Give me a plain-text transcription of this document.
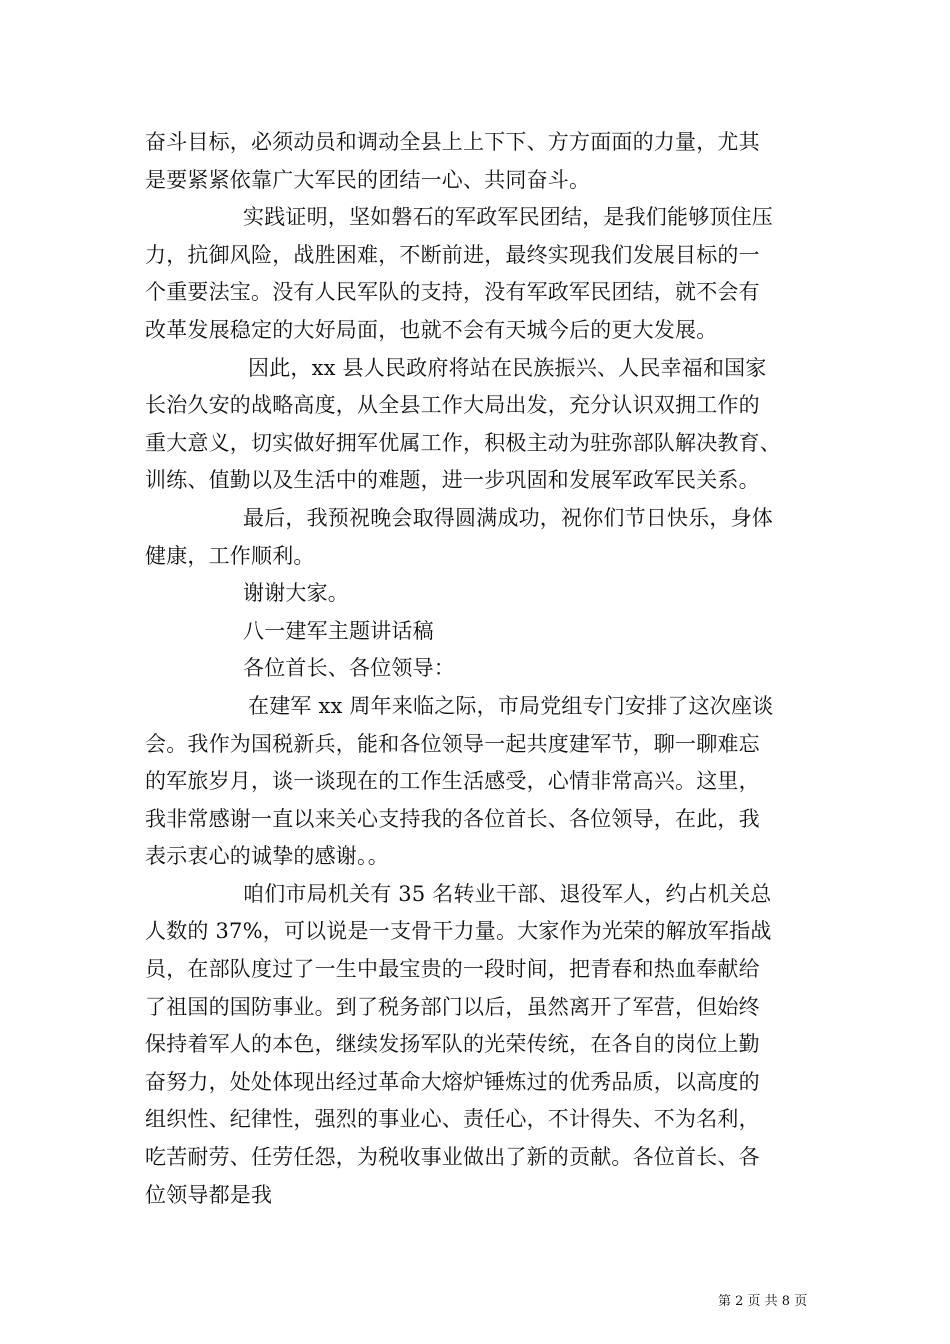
奋斗目标，必须动员和调动全县上上下下、方方面面的力量，尤其
是要紧紧依靠广大军民的团结一心、共同奋斗。
实践证明，坚如磐石的军政军民团结，是我们能够顶住压
力，抗御风险，战胜困难，不断前进，最终实现我们发展目标的一
个重要法宝。没有人民军队的支持，没有军政军民团结，就不会有
改革发展稳定的大好局面，也就不会有天城今后的更大发展。
因此，xx 县人民政府将站在民族振兴、人民幸福和国家
长治久安的战略高度，从全县工作大局出发，充分认识双拥工作的
重大意义，切实做好拥军优属工作，积极主动为驻弥部队解决教育、
训练、值勤以及生活中的难题，进一步巩固和发展军政军民关系。
最后，我预祝晚会取得圆满成功，祝你们节日快乐，身体
健康，工作顺利。
谢谢大家。
八一建军主题讲话稿
各位首长、各位领导：
在建军 xx 周年来临之际，市局党组专门安排了这次座谈
会。我作为国税新兵，能和各位领导一起共度建军节，聊一聊难忘
的军旅岁月，谈一谈现在的工作生活感受，心情非常高兴。这里，
我非常感谢一直以来关心支持我的各位首长、各位领导，在此，我
表示衷心的诚挚的感谢。。
咱们市局机关有 35 名转业干部、退役军人，约占机关总
人数的 37%，可以说是一支骨干力量。大家作为光荣的解放军指战
员，在部队度过了一生中最宝贵的一段时间，把青春和热血奉献给
了祖国的国防事业。到了税务部门以后，虽然离开了军营，但始终
保持着军人的本色，继续发扬军队的光荣传统，在各自的岗位上勤
奋努力，处处体现出经过革命大熔炉锤炼过的优秀品质，以高度的
组织性、纪律性，强烈的事业心、责任心，不计得失、不为名利，
吃苦耐劳、任劳任怨，为税收事业做出了新的贡献。各位首长、各
位领导都是我
第 2 页 共 8 页
